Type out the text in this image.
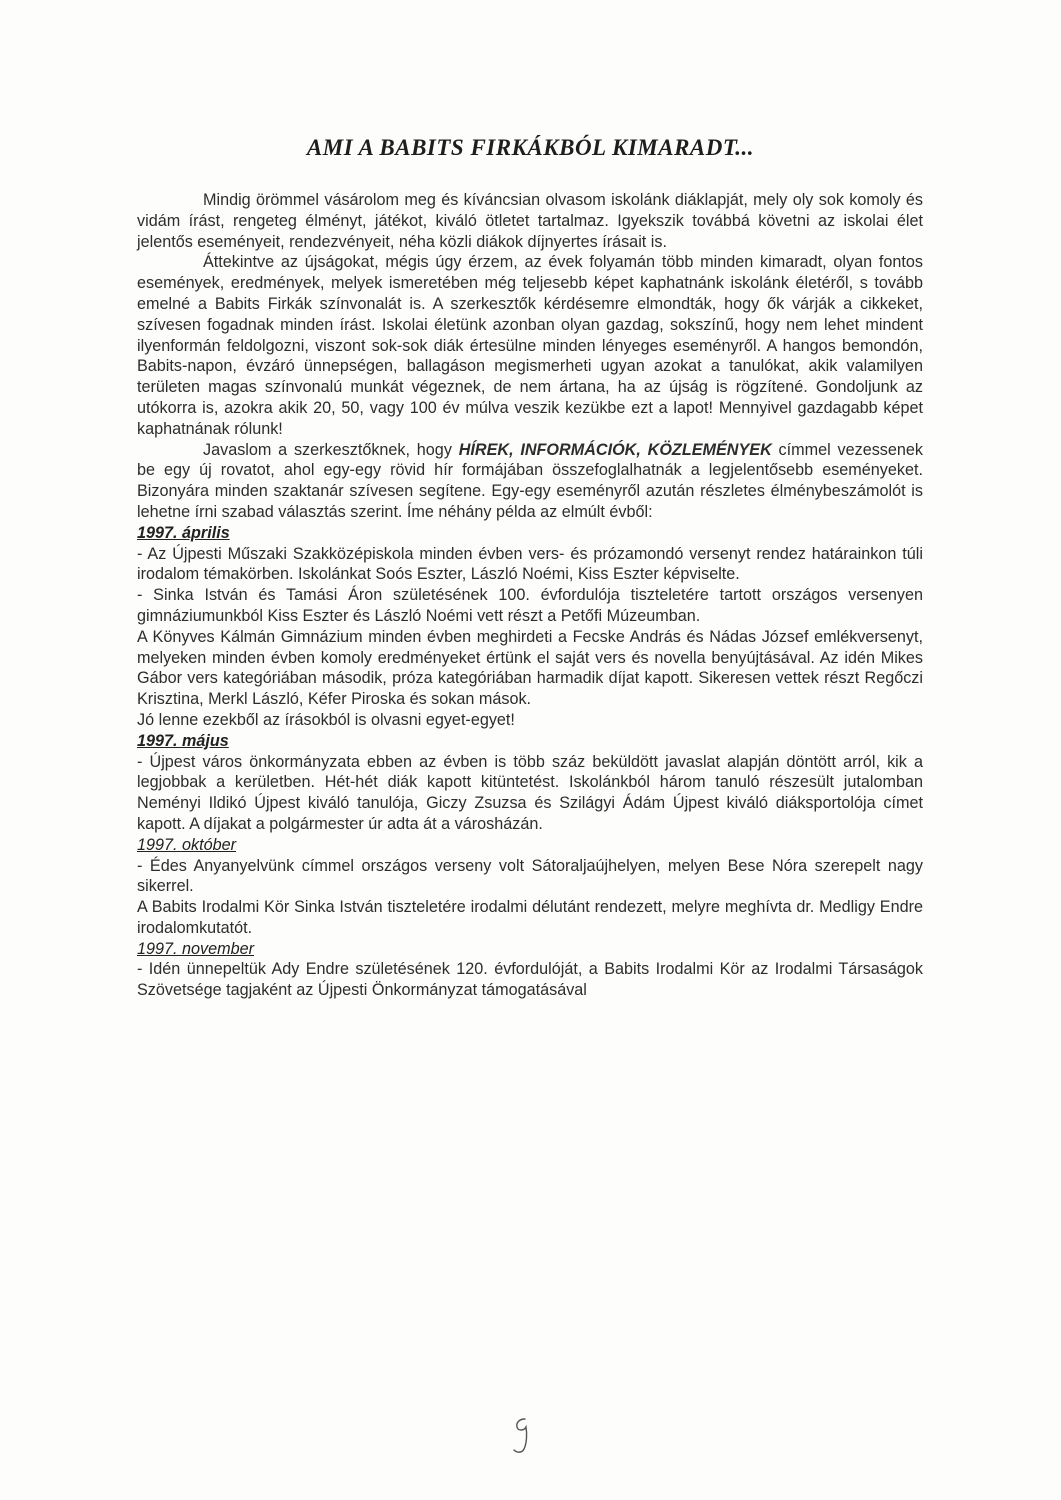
AMI A BABITS FIRKÁKBÓL KIMARADT...

Mindig örömmel vásárolom meg és kíváncsian olvasom iskolánk diáklapját, mely oly sok komoly és vidám írást, rengeteg élményt, játékot, kiváló ötletet tartalmaz. Igyekszik továbbá követni az iskolai élet jelentős eseményeit, rendezvényeit, néha közli diákok díjnyertes írásait is.

Áttekintve az újságokat, mégis úgy érzem, az évek folyamán több minden kimaradt, olyan fontos események, eredmények, melyek ismeretében még teljesebb képet kaphatnánk iskolánk életéről, s tovább emelné a Babits Firkák színvonalát is. A szerkesztők kérdésemre elmondták, hogy ők várják a cikkeket, szívesen fogadnak minden írást. Iskolai életünk azonban olyan gazdag, sokszínű, hogy nem lehet mindent ilyenformán feldolgozni, viszont sok-sok diák értesülne minden lényeges eseményről. A hangos bemondón, Babits-napon, évzáró ünnepségen, ballagáson megismerheti ugyan azokat a tanulókat, akik valamilyen területen magas színvonalú munkát végeznek, de nem ártana, ha az újság is rögzítené. Gondoljunk az utókorra is, azokra akik 20, 50, vagy 100 év múlva veszik kezükbe ezt a lapot! Mennyivel gazdagabb képet kaphatnának rólunk!

Javaslom a szerkesztőknek, hogy HÍREK, INFORMÁCIÓK, KÖZLEMÉNYEK címmel vezessenek be egy új rovatot, ahol egy-egy rövid hír formájában összefoglalhatnák a legjelentősebb eseményeket. Bizonyára minden szaktanár szívesen segítene. Egy-egy eseményről azután részletes élménybeszámolót is lehetne írni szabad választás szerint. Íme néhány példa az elmúlt évből:

1997. április

- Az Újpesti Műszaki Szakközépiskola minden évben vers- és prózamondó versenyt rendez határainkon túli irodalom témakörben. Iskolánkat Soós Eszter, László Noémi, Kiss Eszter képviselte.

- Sinka István és Tamási Áron születésének 100. évfordulója tiszteletére tartott országos versenyen gimnáziumunkból Kiss Eszter és László Noémi vett részt a Petőfi Múzeumban.

A Könyves Kálmán Gimnázium minden évben meghirdeti a Fecske András és Nádas József emlékversenyt, melyeken minden évben komoly eredményeket értünk el saját vers és novella benyújtásával. Az idén Mikes Gábor vers kategóriában második, próza kategóriában harmadik díjat kapott. Sikeresen vettek részt Regőczi Krisztina, Merkl László, Kéfer Piroska és sokan mások.

Jó lenne ezekből az írásokból is olvasni egyet-egyet!

1997. május

- Újpest város önkormányzata ebben az évben is több száz beküldött javaslat alapján döntött arról, kik a legjobbak a kerületben. Hét-hét diák kapott kitüntetést. Iskolánkból három tanuló részesült jutalomban Neményi Ildikó Újpest kiváló tanulója, Giczy Zsuzsa és Szilágyi Ádám Újpest kiváló diáksportolója címet kapott. A díjakat a polgármester úr adta át a városházán.

1997. október

- Édes Anyanyelvünk címmel országos verseny volt Sátoraljaújhelyen, melyen Bese Nóra szerepelt nagy sikerrel.

A Babits Irodalmi Kör Sinka István tiszteletére irodalmi délutánt rendezett, melyre meghívta dr. Medligy Endre irodalomkutatót.

1997. november

- Idén ünnepeltük Ady Endre születésének 120. évfordulóját, a Babits Irodalmi Kör az Irodalmi Társaságok Szövetsége tagjaként az Újpesti Önkormányzat támogatásával
